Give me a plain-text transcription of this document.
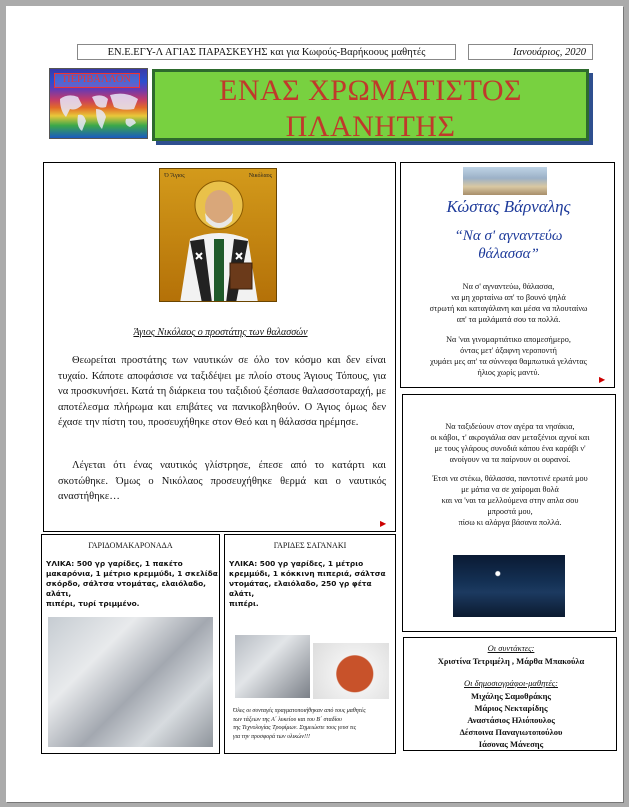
ΕΝ.Ε.ΕΓΥ-Λ ΑΓΙΑΣ ΠΑΡΑΣΚΕΥΗΣ και για Κωφούς-Βαρήκοους μαθητές	Ιανουάριος, 2020
ΠΕΡΙΒΑΛΛΟΝ	ΕΝΑΣ ΧΡΩΜΑΤΙΣΤΟΣ
ΠΛΑΝΗΤΗΣ
Ὁ Ἅγιος	Νικόλαος
Άγιος Νικόλαος ο προστάτης των θαλασσών
Θεωρείται προστάτης των ναυτικών σε όλο τον κόσμο και δεν είναι τυχαίο. Κάποτε αποφάσισε να ταξιδέψει με πλοίο στους Άγιους Τόπους, για να προσκυνήσει. Κατά τη διάρκεια του ταξιδιού ξέσπασε θαλασσοταραχή, με αποτέλεσμα πλήρωμα και επιβάτες να πανικοβληθούν. Ο Άγιος όμως δεν έχασε την πίστη του, προσευχήθηκε στον Θεό και η θάλασσα ηρέμησε.
Λέγεται ότι ένας ναυτικός γλίστρησε, έπεσε από το κατάρτι και σκοτώθηκε. Όμως ο Νικόλαος προσευχήθηκε θερμά και ο ναυτικός αναστήθηκε…
▶
Κώστας Βάρναλης
“Να σ' αγναντεύω
θάλασσα”
Να σ' αγναντεύω, θάλασσα,
να μη χορταίνω απ' το βουνό ψηλά
στρωτή και καταγάλανη και μέσα να πλουταίνω
απ' τα μαλάματά σου τα πολλά.
Να 'ναι γινομαρτιάτικο απομεσήμερο,
όντας μετ' άξαφνη νεροποντή
χυμάει μες απ' τα σύννεφα θαμπωτικά γελάντας
ήλιος χωρίς μαντύ.
▶
Να ταξιδεύουν στον αγέρα τα νησάκια,
οι κάβοι, τ' ακρογιάλια σαν μεταξένιοι αχνοί και
με τους γλάρους συνοδιά κάπου ένα καράβι ν'
ανοίγουν να τα παίρνουν οι ουρανοί.
Έτσι να στέκω, θάλασσα, παντοτινέ ερωτά μου
με μάτια να σε χαίρομαι θολά
και να 'ναι τα μελλούμενα στην απλα σου
μπροστά μου,
πίσω κι αλάργα βάσανα πολλά.
ΓΑΡΙΔΟΜΑΚΑΡΟΝΑΔΑ
ΥΛΙΚΑ: 500 γρ γαρίδες, 1 πακέτο
μακαρόνια, 1 μέτριο κρεμμύδι, 1 σκελίδα
σκόρδο, σάλτσα ντομάτας, ελαιόλαδο, αλάτι,
πιπέρι, τυρί τριμμένο.
ΓΑΡΙΔΕΣ ΣΑΓΑΝΑΚΙ
ΥΛΙΚΑ: 500 γρ γαρίδες, 1 μέτριο
κρεμμύδι, 1 κόκκινη πιπεριά, σάλτσα
ντομάτας, ελαιόλαδο, 250 γρ φέτα αλάτι,
πιπέρι.
Όλες οι συνταγές πραγματοποιήθηκαν από τους μαθητές
των τάξεων της Α΄ λυκείου και του Β΄ σταδίου
της Τεχνολογίας Τροφίμων. Σημειώστε τους γευσ τις
για την προσφορά των υλικών!!!
Οι συντάκτες:
Χριστίνα Τετριμέλη , Μάρθα Μπακούλα
Οι δημοσιογράφοι-μαθητές:
Μιχάλης Σαμοθράκης
Μάριος Νεκταρίδης
Αναστάσιος Ηλιόπουλος
Δέσποινα Παναγιωτοπούλου
Ιάσονας Μάνεσης
